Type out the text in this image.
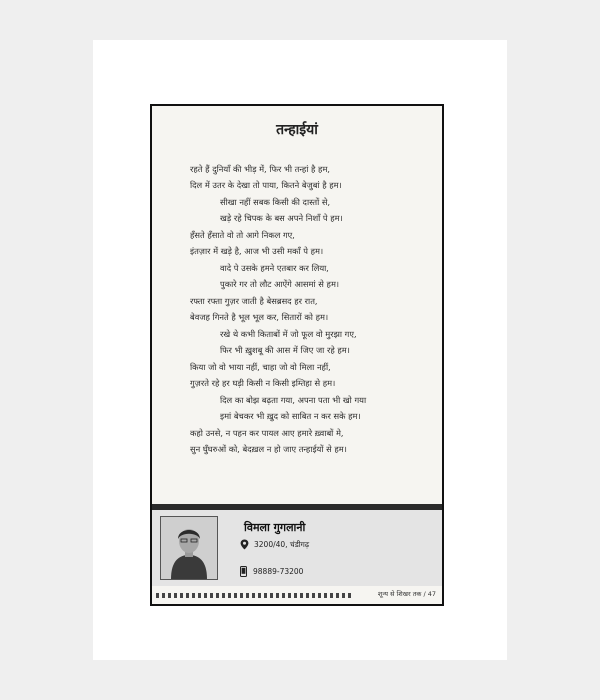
तन्हाईयां
रहते हैं दुनियाँ की भीड़ में, फिर भी तन्हां है हम,
दिल में उतर के देखा तो पाया, कितने बेजुबां है हम।
सीखा नहीं सबक किसी की दास्तों से,
खड़े रहे चिपक के बस अपने निशाँ पे हम।
हँसते हँसाते वो तो आगे निकल गए,
इंतज़ार में खड़े है, आज भी उसी मकाँ पे हम।
वादे पे उसके हमने एतबार कर लिया,
पुकारे गर तो लौट आऐंगे आसमां से हम।
रफ्ता रफ्ता गुज़र जाती है बेसब्रसद हर रात,
बेवजह गिनते है भूल भूल कर, सितारों को हम।
रखे थे कभी किताबों में जो फूल वो मुरझा गए,
फिर भी ख़ुशबू की आस में जिए जा रहे हम।
किया जो वो भाया नहीं, चाहा जो वो मिला नहीं,
गुज़रते रहे हर घड़ी किसी न किसी इम्तिहा से हम।
दिल का बोझ बढ़ता गया, अपना पता भी खो गया
इमां बेचकर भी ख़ुद को साबित न कर सके हम।
कहो उनसे, न पहन कर पायल आए हमारे ख़्वाबों मे,
सुन घुँघरुओं को, बेदख़ल न हो जाए तन्हाईयों से हम।
विमला गुगलानी
3200/40, चंडीगढ़
98889-73200
शून्य से शिखर तक / 47
